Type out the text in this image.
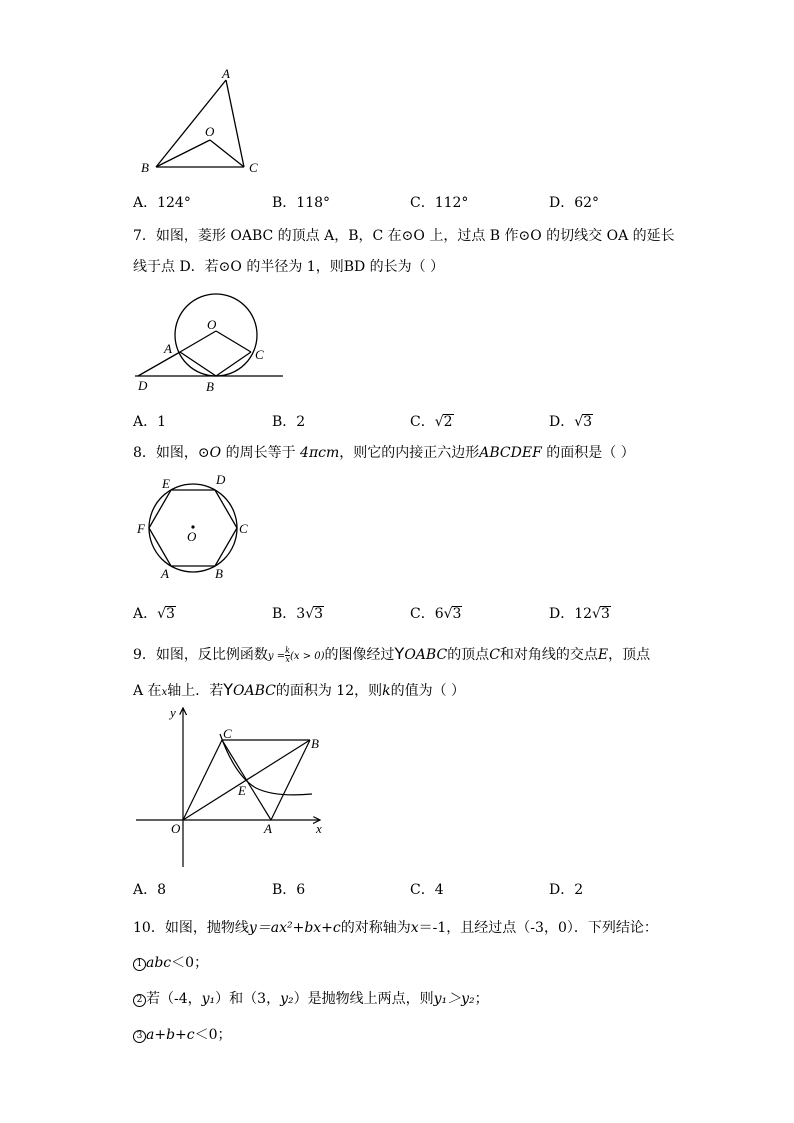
A
O
B	C
A．124°	B．118°	C．112°	D．62°
7．如图，菱形 OABC 的顶点 A，B，C 在⊙O 上，过点 B 作⊙O 的切线交 OA 的延长
线于点 D．若⊙O 的半径为 1，则BD 的长为（ ）
O
A	C
D	B
A．1	B．2	C．√2	D．√3
8．如图，⊙O 的周长等于 4πcm，则它的内接正六边形ABCDEF 的面积是（ ）
E	D
F	C
O
A	B
A．√3	B．3√3	C．6√3	D．12√3
9．如图，反比例函数$y = \frac{k}{x} (x > 0)$的图像经过YOABC的顶点C和对角线的交点E，顶点
A 在x轴上．若YOABC的面积为 12，则k的值为（ ）
y
C
B
E
O	A	x
A．8	B．6	C．4	D．2
10．如图，抛物线y＝ax²+bx+c的对称轴为x＝-1，且经过点（-3，0）．下列结论：
1 abc＜0；
2 若（-4，y₁）和（3，y₂）是抛物线上两点，则y₁＞y₂；
3 a+b+c＜0；
